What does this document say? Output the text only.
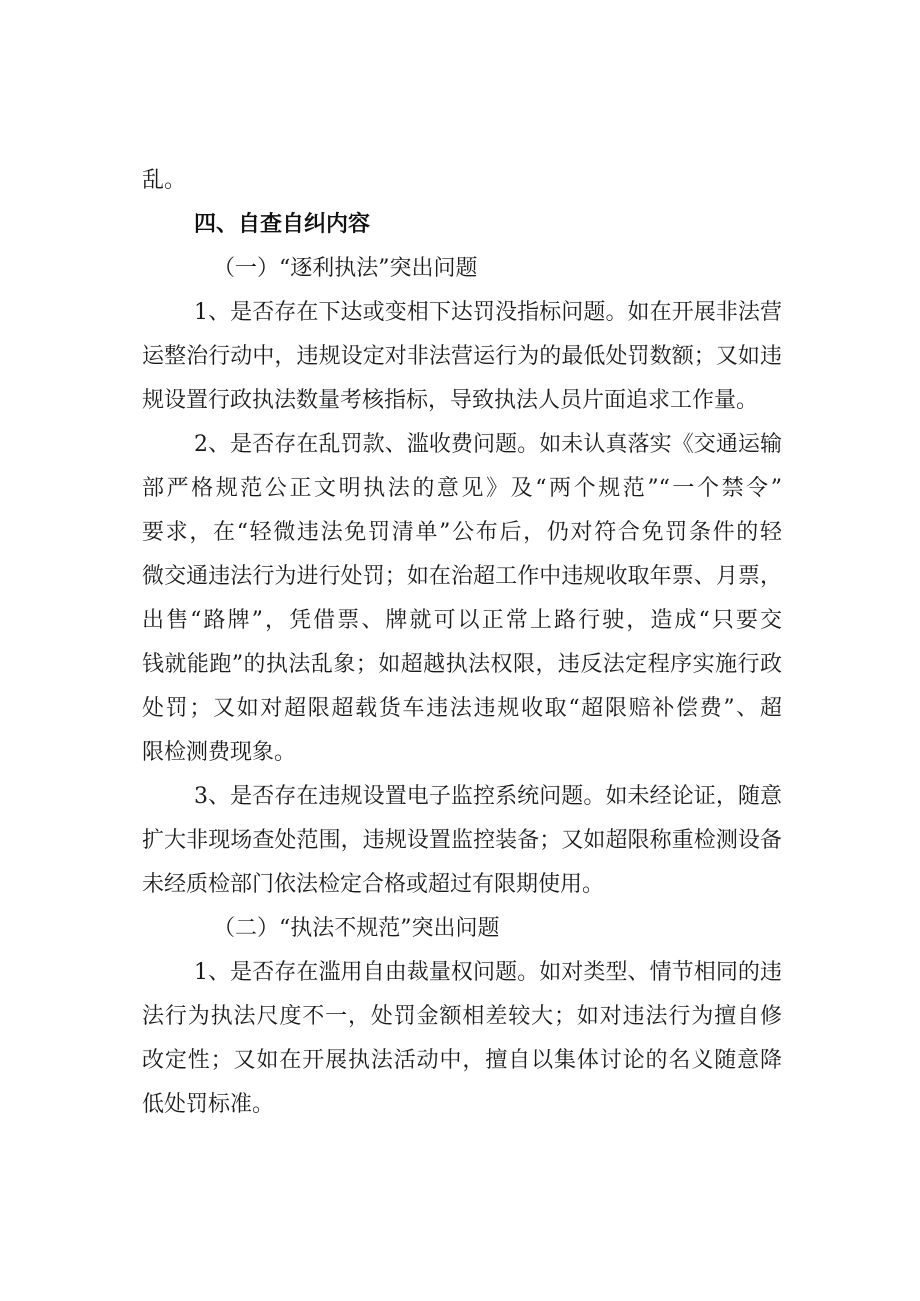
乱。

四、自查自纠内容

（一）“逐利执法”突出问题

1、是否存在下达或变相下达罚没指标问题。如在开展非法营

运整治行动中，违规设定对非法营运行为的最低处罚数额；又如违

规设置行政执法数量考核指标，导致执法人员片面追求工作量。

2、是否存在乱罚款、滥收费问题。如未认真落实《交通运输

部严格规范公正文明执法的意见》及“两个规范”“一个禁令”

要求，在“轻微违法免罚清单”公布后，仍对符合免罚条件的轻

微交通违法行为进行处罚；如在治超工作中违规收取年票、月票，

出售“路牌”，凭借票、牌就可以正常上路行驶，造成“只要交

钱就能跑”的执法乱象；如超越执法权限，违反法定程序实施行政

处罚；又如对超限超载货车违法违规收取“超限赔补偿费”、超

限检测费现象。

3、是否存在违规设置电子监控系统问题。如未经论证，随意

扩大非现场查处范围，违规设置监控装备；又如超限称重检测设备

未经质检部门依法检定合格或超过有限期使用。

（二）“执法不规范”突出问题

1、是否存在滥用自由裁量权问题。如对类型、情节相同的违

法行为执法尺度不一，处罚金额相差较大；如对违法行为擅自修

改定性；又如在开展执法活动中，擅自以集体讨论的名义随意降

低处罚标准。
